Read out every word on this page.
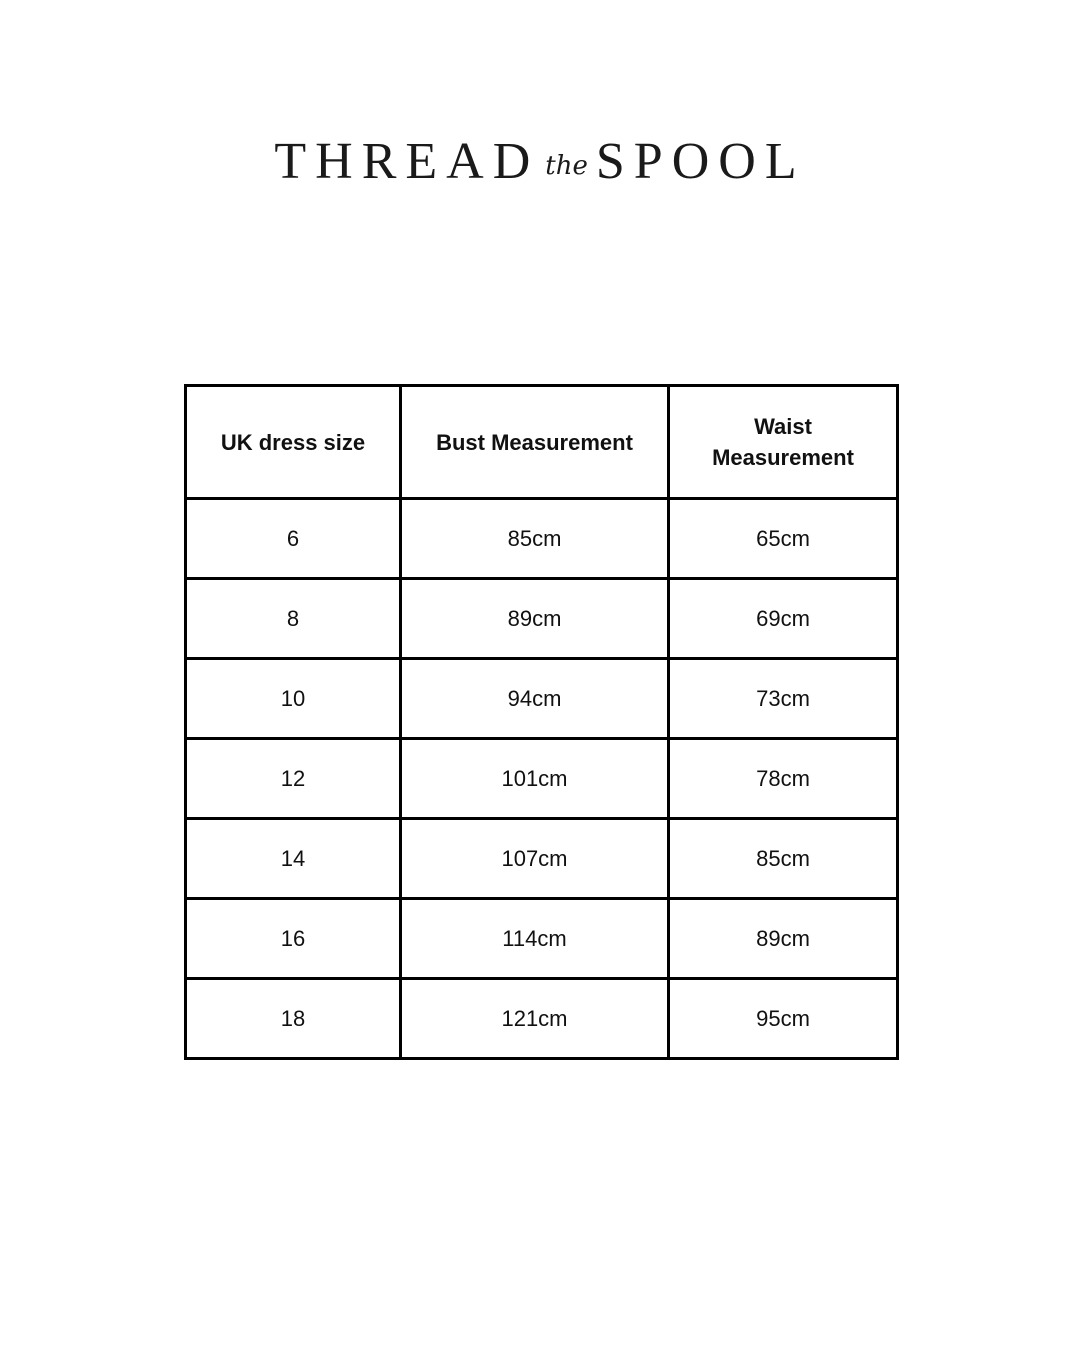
THREAD the SPOOL
UK dress size	Bust Measurement	Waist
Measurement

6	85cm	65cm
8	89cm	69cm
10	94cm	73cm
12	101cm	78cm
14	107cm	85cm
16	114cm	89cm
18	121cm	95cm
